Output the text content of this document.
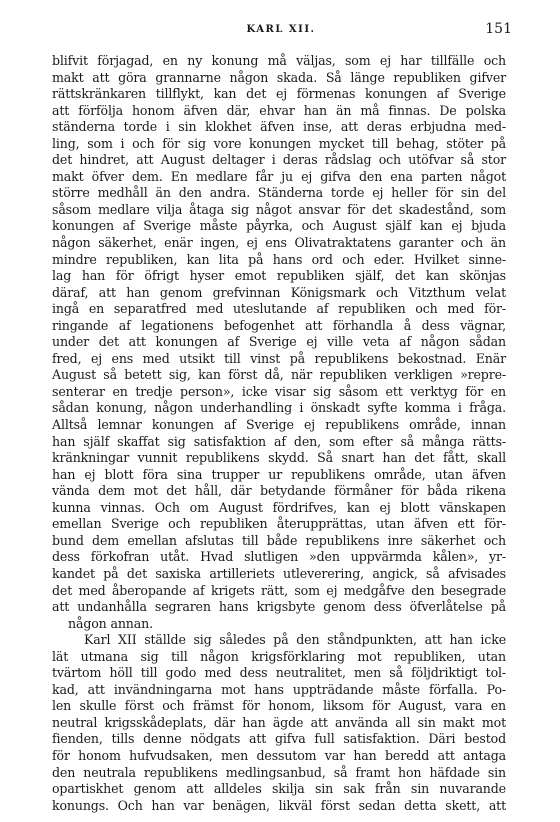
KARL XII.	151
blifvit förjagad, en ny konung må väljas, som ej har tillfälle och
makt att göra grannarne någon skada. Så länge republiken gifver
rättskränkaren tillflykt, kan det ej förmenas konungen af Sverige
att förfölja honom äfven där, ehvar han än må finnas. De polska
ständerna torde i sin klokhet äfven inse, att deras erbjudna med-
ling, som i och för sig vore konungen mycket till behag, stöter på
det hindret, att August deltager i deras rådslag och utöfvar så stor
makt öfver dem. En medlare får ju ej gifva den ena parten något
större medhåll än den andra. Ständerna torde ej heller för sin del
såsom medlare vilja åtaga sig något ansvar för det skadestånd, som
konungen af Sverige måste påyrka, och August själf kan ej bjuda
någon säkerhet, enär ingen, ej ens Olivatraktatens garanter och än
mindre republiken, kan lita på hans ord och eder. Hvilket sinne-
lag han för öfrigt hyser emot republiken själf, det kan skönjas
däraf, att han genom grefvinnan Königsmark och Vitzthum velat
ingå en separatfred med uteslutande af republiken och med för-
ringande af legationens befogenhet att förhandla å dess vägnar,
under det att konungen af Sverige ej ville veta af någon sådan
fred, ej ens med utsikt till vinst på republikens bekostnad. Enär
August så betett sig, kan först då, när republiken verkligen »repre-
senterar en tredje person», icke visar sig såsom ett verktyg för en
sådan konung, någon underhandling i önskadt syfte komma i fråga.
Alltså lemnar konungen af Sverige ej republikens område, innan
han själf skaffat sig satisfaktion af den, som efter så många rätts-
kränkningar vunnit republikens skydd. Så snart han det fått, skall
han ej blott föra sina trupper ur republikens område, utan äfven
vända dem mot det håll, där betydande förmåner för båda rikena
kunna vinnas. Och om August fördrifves, kan ej blott vänskapen
emellan Sverige och republiken återupprättas, utan äfven ett för-
bund dem emellan afslutas till både republikens inre säkerhet och
dess förkofran utåt. Hvad slutligen »den uppvärmda kålen», yr-
kandet på det saxiska artilleriets utleverering, angick, så afvisades
det med åberopande af krigets rätt, som ej medgåfve den besegrade
att undanhålla segraren hans krigsbyte genom dess öfverlåtelse på
någon annan.
Karl XII ställde sig således på den ståndpunkten, att han icke
lät utmana sig till någon krigsförklaring mot republiken, utan
tvärtom höll till godo med dess neutralitet, men så följdriktigt tol-
kad, att invändningarna mot hans uppträdande måste förfalla. Po-
len skulle först och främst för honom, liksom för August, vara en
neutral krigsskådeplats, där han ägde att använda all sin makt mot
fienden, tills denne nödgats att gifva full satisfaktion. Däri bestod
för honom hufvudsaken, men dessutom var han beredd att antaga
den neutrala republikens medlingsanbud, så framt hon häfdade sin
opartiskhet genom att alldeles skilja sin sak från sin nuvarande
konungs. Och han var benägen, likväl först sedan detta skett, att
